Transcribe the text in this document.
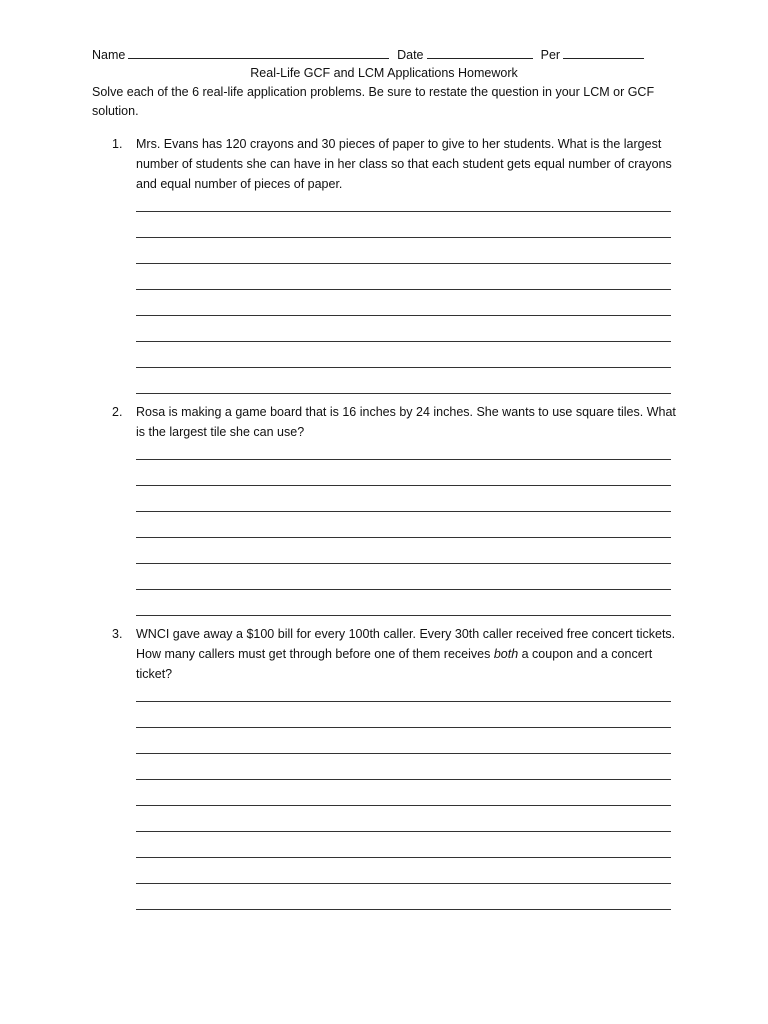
Name	Date	Per
Real-Life GCF and LCM Applications Homework
Solve each of the 6 real-life application problems. Be sure to restate the question in your LCM or GCF solution.
1. Mrs. Evans has 120 crayons and 30 pieces of paper to give to her students. What is the largest number of students she can have in her class so that each student gets equal number of crayons and equal number of pieces of paper.
2. Rosa is making a game board that is 16 inches by 24 inches. She wants to use square tiles. What is the largest tile she can use?
3. WNCI gave away a $100 bill for every 100th caller. Every 30th caller received free concert tickets. How many callers must get through before one of them receives both a coupon and a concert ticket?
